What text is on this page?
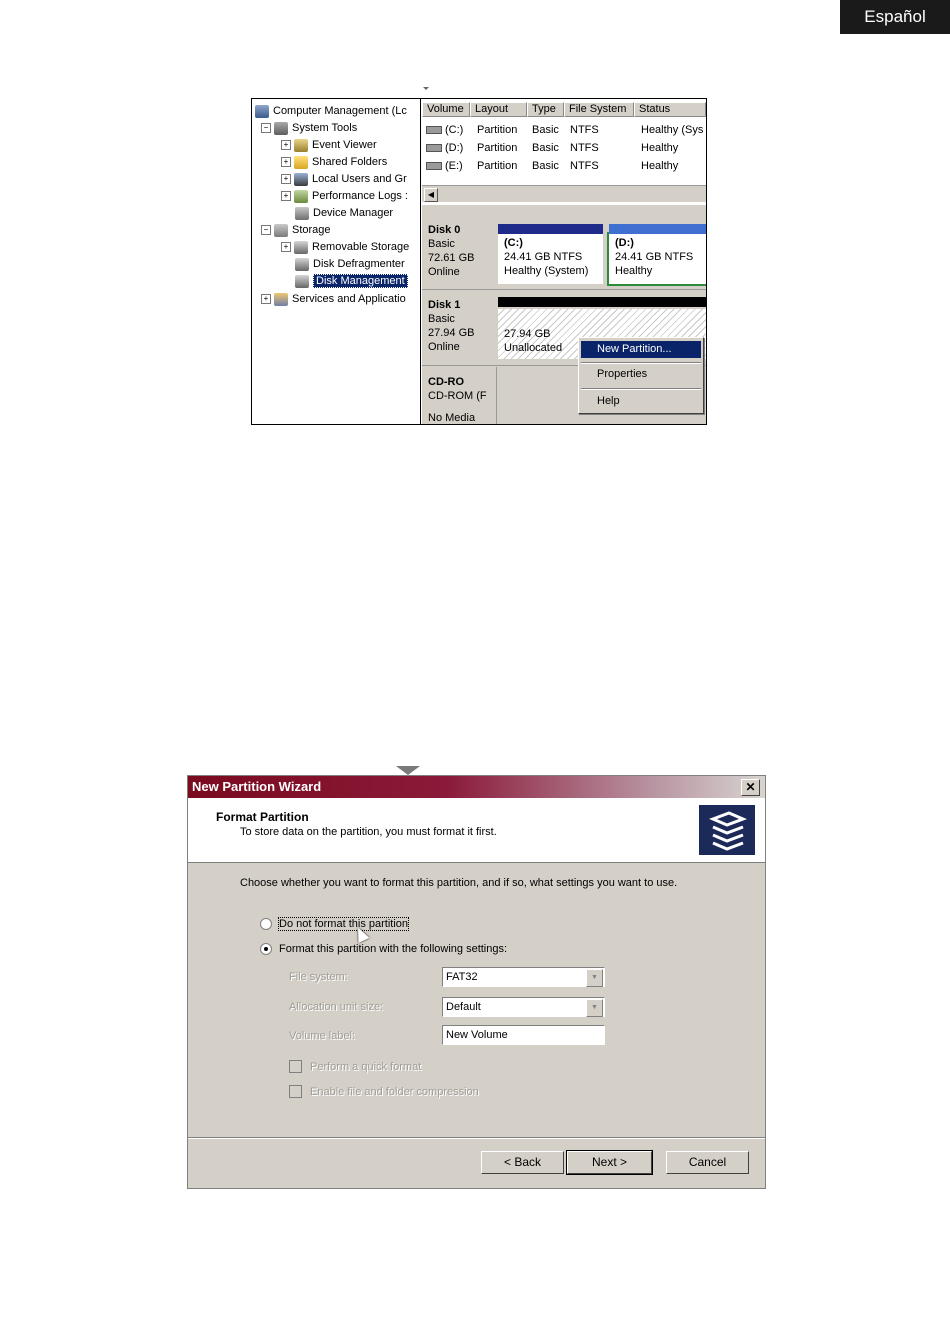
Español
Computer Management (Lc
− System Tools
+ Event Viewer
+ Shared Folders
+ Local Users and Gr
+ Performance Logs :
Device Manager
− Storage
+ Removable Storage
Disk Defragmenter
Disk Management
+ Services and Applicatio
Volume	Layout	Type	File System	Status
(C:) Partition Basic NTFS	Healthy (Sys
(D:) Partition Basic NTFS	Healthy
(E:) Partition Basic NTFS	Healthy
◀
Disk 0
Basic
72.61 GB
Online
(C:)
24.41 GB NTFS
Healthy (System)
(D:)
24.41 GB NTFS
Healthy
Disk 1
Basic
27.94 GB
Online
27.94 GB
Unallocated
CD-RO
CD-ROM (F
No Media
New Partition...
Properties
Help
New Partition Wizard	✕
Format Partition
To store data on the partition, you must format it first.
Choose whether you want to format this partition, and if so, what settings you want to use.
Do not format this partition
Format this partition with the following settings:
File system:	FAT32	▼
Allocation unit size:	Default	▼
Volume label:	New Volume
Perform a quick format
Enable file and folder compression
< Back	Next >	Cancel
